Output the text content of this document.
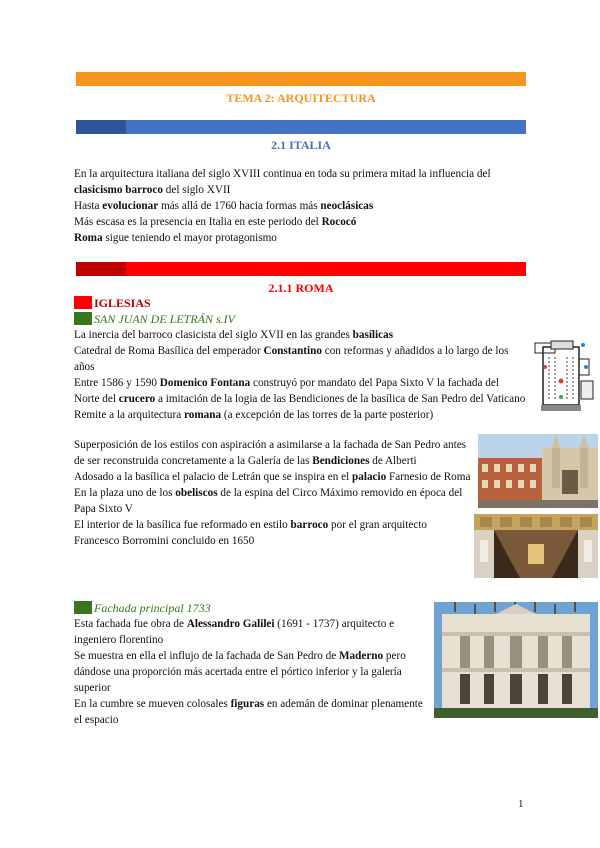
TEMA 2: ARQUITECTURA
2.1 ITALIA

En la arquitectura italiana del siglo XVIII continua en toda su primera mitad la influencia del clasicismo barroco del siglo XVII

Hasta evolucionar más allá de 1760 hacia formas más neoclásicas

Más escasa es la presencia en Italia en este periodo del Rococó

Roma sigue teniendo el mayor protagonismo

2.1.1 ROMA
IGLESIAS
SAN JUAN DE LETRÁN s.IV

La inercia del barroco clasicista del siglo XVII en las grandes basílicas

Catedral de Roma Basílica del emperador Constantino con reformas y añadidos a lo largo de los años

Entre 1586 y 1590 Domenico Fontana construyó por mandato del Papa Sixto V la fachada del Norte del crucero a imitación de la logia de las Bendiciones de la basílica de San Pedro del Vaticano

Remite a la arquitectura romana (a excepción de las torres de la parte posterior)

Superposición de los estilos con aspiración a asimilarse a la fachada de San Pedro antes de ser reconstruida concretamente a la Galería de las Bendiciones de Alberti

Adosado a la basílica el palacio de Letrán que se inspira en el palacio Farnesio de Roma

En la plaza uno de los obeliscos de la espina del Circo Máximo removido en época del Papa Sixto V

El interior de la basílica fue reformado en estilo barroco por el gran arquitecto Francesco Borromini concluido en 1650

Fachada principal 1733

Esta fachada fue obra de Alessandro Galilei (1691 - 1737) arquitecto e ingeniero florentino

Se muestra en ella el influjo de la fachada de San Pedro de Maderno pero dándose una proporción más acertada entre el pórtico inferior y la galería superior

En la cumbre se mueven colosales figuras en ademán de dominar plenamente el espacio

1
